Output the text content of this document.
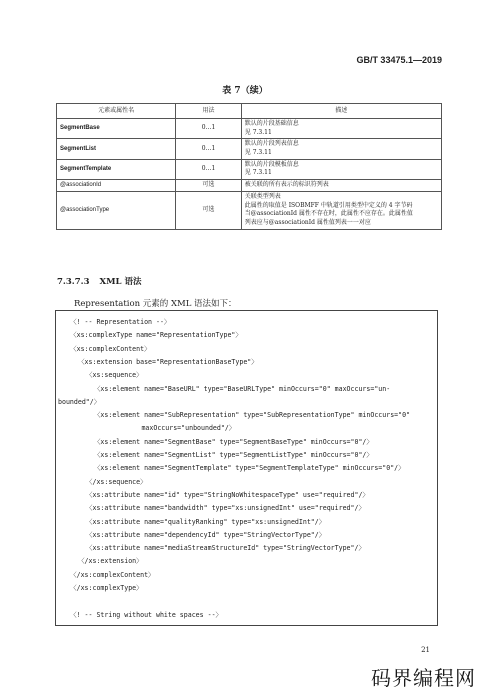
GB/T 33475.1—2019
表 7（续）
元素或属性名	用法	描述
SegmentBase	0…1	默认的片段基础信息
见 7.3.11

SegmentList	0…1	默认的片段列表信息
见 7.3.11

SegmentTemplate	0…1	默认的片段模板信息
见 7.3.11

@associationId	可选	被关联的所有表示的标识符列表

@associationType	可选	关联类型列表
此属性的取值是 ISOBMFF 中轨道引用类型中定义的 4 字节码
当@associationId 属性不存在时，此属性不应存在。此属性值
列表应与@associationId 属性值列表一一对应
7.3.7.3 XML 语法
Representation 元素的 XML 语法如下：
〈! -- Representation --〉
〈xs:complexType name="RepresentationType"〉
〈xs:complexContent〉
〈xs:extension base="RepresentationBaseType"〉
〈xs:sequence〉
〈xs:element name="BaseURL" type="BaseURLType" minOccurs="0" maxOccurs="un-
bounded"/〉
〈xs:element name="SubRepresentation" type="SubRepresentationType" minOccurs="0"
maxOccurs="unbounded"/〉
〈xs:element name="SegmentBase" type="SegmentBaseType" minOccurs="0"/〉
〈xs:element name="SegmentList" type="SegmentListType" minOccurs="0"/〉
〈xs:element name="SegmentTemplate" type="SegmentTemplateType" minOccurs="0"/〉
〈/xs:sequence〉
〈xs:attribute name="id" type="StringNoWhitespaceType" use="required"/〉
〈xs:attribute name="bandwidth" type="xs:unsignedInt" use="required"/〉
〈xs:attribute name="qualityRanking" type="xs:unsignedInt"/〉
〈xs:attribute name="dependencyId" type="StringVectorType"/〉
〈xs:attribute name="mediaStreamStructureId" type="StringVectorType"/〉
〈/xs:extension〉
〈/xs:complexContent〉
〈/xs:complexType〉
〈! -- String without white spaces --〉
21
码界编程网
